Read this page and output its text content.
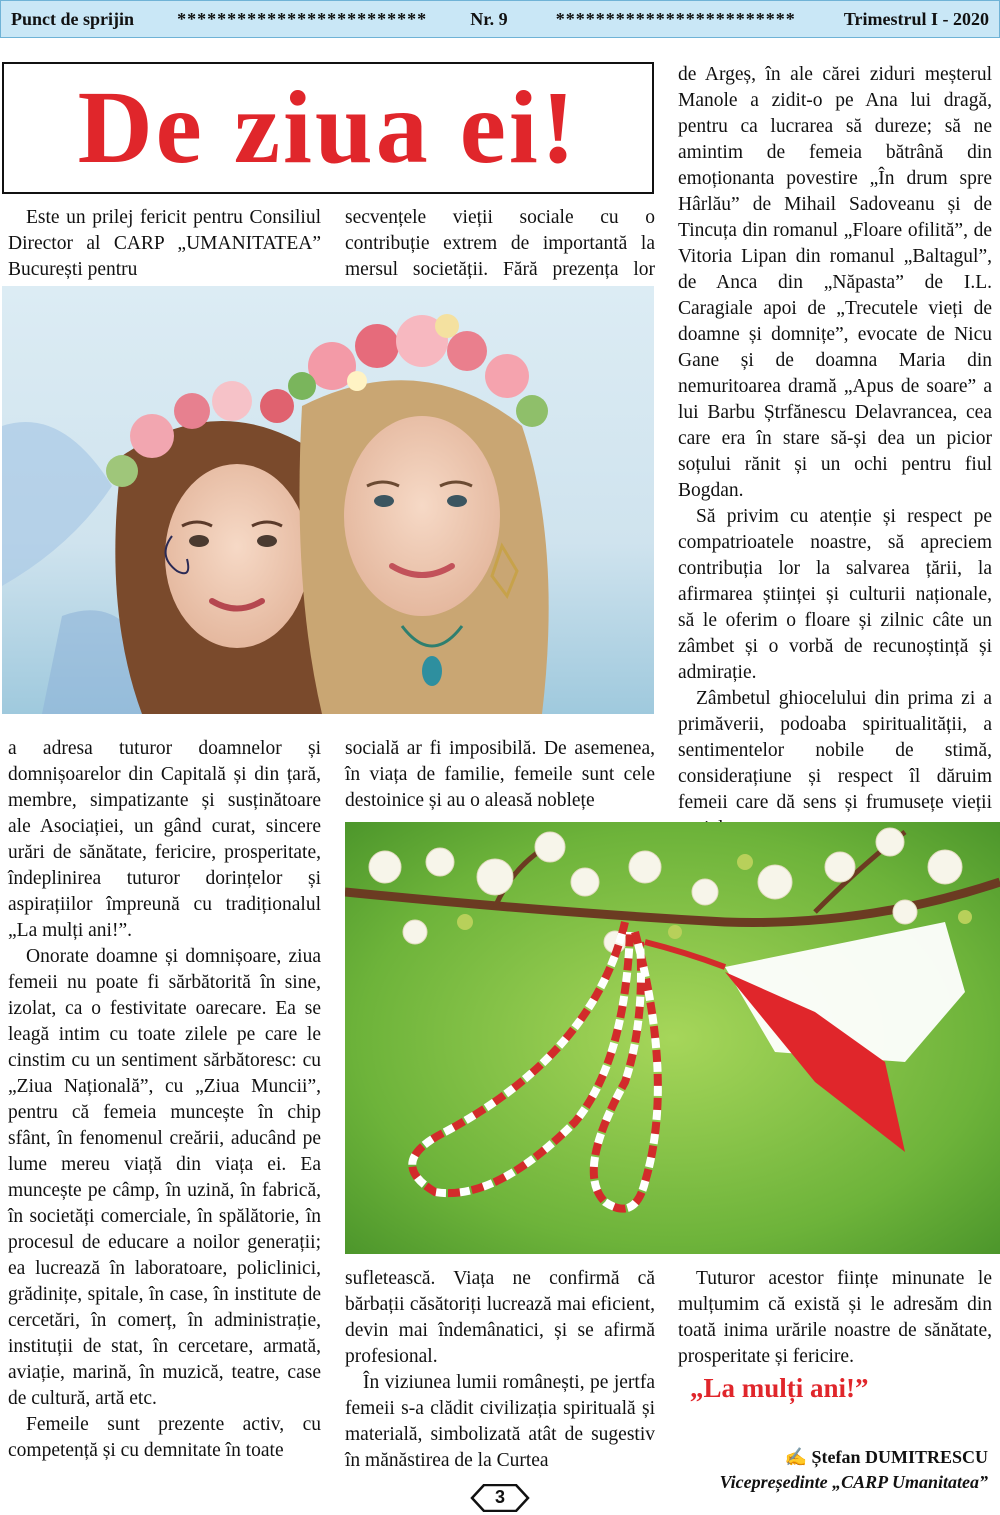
Punct de sprijin	*************************	Nr. 9	************************	Trimestrul I - 2020
De ziua ei!

Este un prilej fericit pentru Consiliul Director al CARP „UMANITATEA” București pentru

secvențele vieții sociale cu o contribuție extrem de importantă la mersul societății. Fără prezența lor

de Argeș, în ale cărei ziduri meșterul Manole a zidit-o pe Ana lui dragă, pentru ca lucrarea să dureze; să ne amintim de femeia bătrână din emoționanta povestire „În drum spre Hârlău” de Mihail Sadoveanu și de Tincuța din romanul „Floare ofilită”, de Vitoria Lipan din romanul „Baltagul”, de Anca din „Năpasta” de I.L. Caragiale apoi de „Trecutele vieți de doamne și domnițe”, evocate de Nicu Gane și de doamna Maria din nemuritoarea dramă „Apus de soare” a lui Barbu Ștrfănescu Delavrancea, cea care era în stare să-și dea un picior soțului rănit și un ochi pentru fiul Bogdan.

Să privim cu atenție și respect pe compatrioatele noastre, să apreciem contribuția lor la salvarea țării, la afirmarea științei și culturii naționale, să le oferim o floare și zilnic câte un zâmbet și o vorbă de recunoștință și admirație.

Zâmbetul ghiocelului din prima zi a primăverii, podoaba spiritualității, a sentimentelor nobile de stimă, considerațiune și respect îl dăruim femeii care dă sens și frumusețe vieții

a adresa tuturor doamnelor și domnișoarelor din Capitală și din țară, membre, simpatizante și susținătoare ale Asociației, un gând curat, sincere urări de sănătate, fericire, prosperitate, îndeplinirea tuturor dorințelor și aspirațiilor împreună cu tradiționalul „La mulți ani!”.

Onorate doamne și domnișoare, ziua femeii nu poate fi sărbătorită în sine, izolat, ca o festivitate oarecare. Ea se leagă intim cu toate zilele pe care le cinstim cu un sentiment sărbătoresc: cu „Ziua Națională”, cu „Ziua Muncii”, pentru că femeia muncește în chip sfânt, în fenomenul creării, aducând pe lume mereu viață din viața ei. Ea muncește pe câmp, în uzină, în fabrică, în societăți comerciale, în spălătorie, în procesul de educare a noilor generații; ea lucrează în laboratoare, policlinici, grădinițe, spitale, în case, în institute de cercetări, în comerț, în administrație, instituții de stat, în cercetare, armată, aviație, marină, în muzică, teatre, case de cultură, artă etc.

Femeile sunt prezente activ, cu competență și cu demnitate în toate

socială ar fi imposibilă. De asemenea, în viața de familie, femeile sunt cele destoinice și au o aleasă noblețe

sufletească. Viața ne confirmă că bărbații căsătoriți lucrează mai eficient, devin mai îndemânatici, și se afirmă profesional.

În viziunea lumii românești, pe jertfa femeii s-a clădit civilizația spirituală și materială, simbolizată atât de sugestiv în mănăstirea de la Curtea

Tuturor acestor ființe minunate le mulțumim că există și le adresăm din toată inima urările noastre de sănătate, prosperitate și fericire.

„La mulți ani!”
✍ Ștefan DUMITRESCU
Vicepreședinte „CARP Umanitatea”
3
